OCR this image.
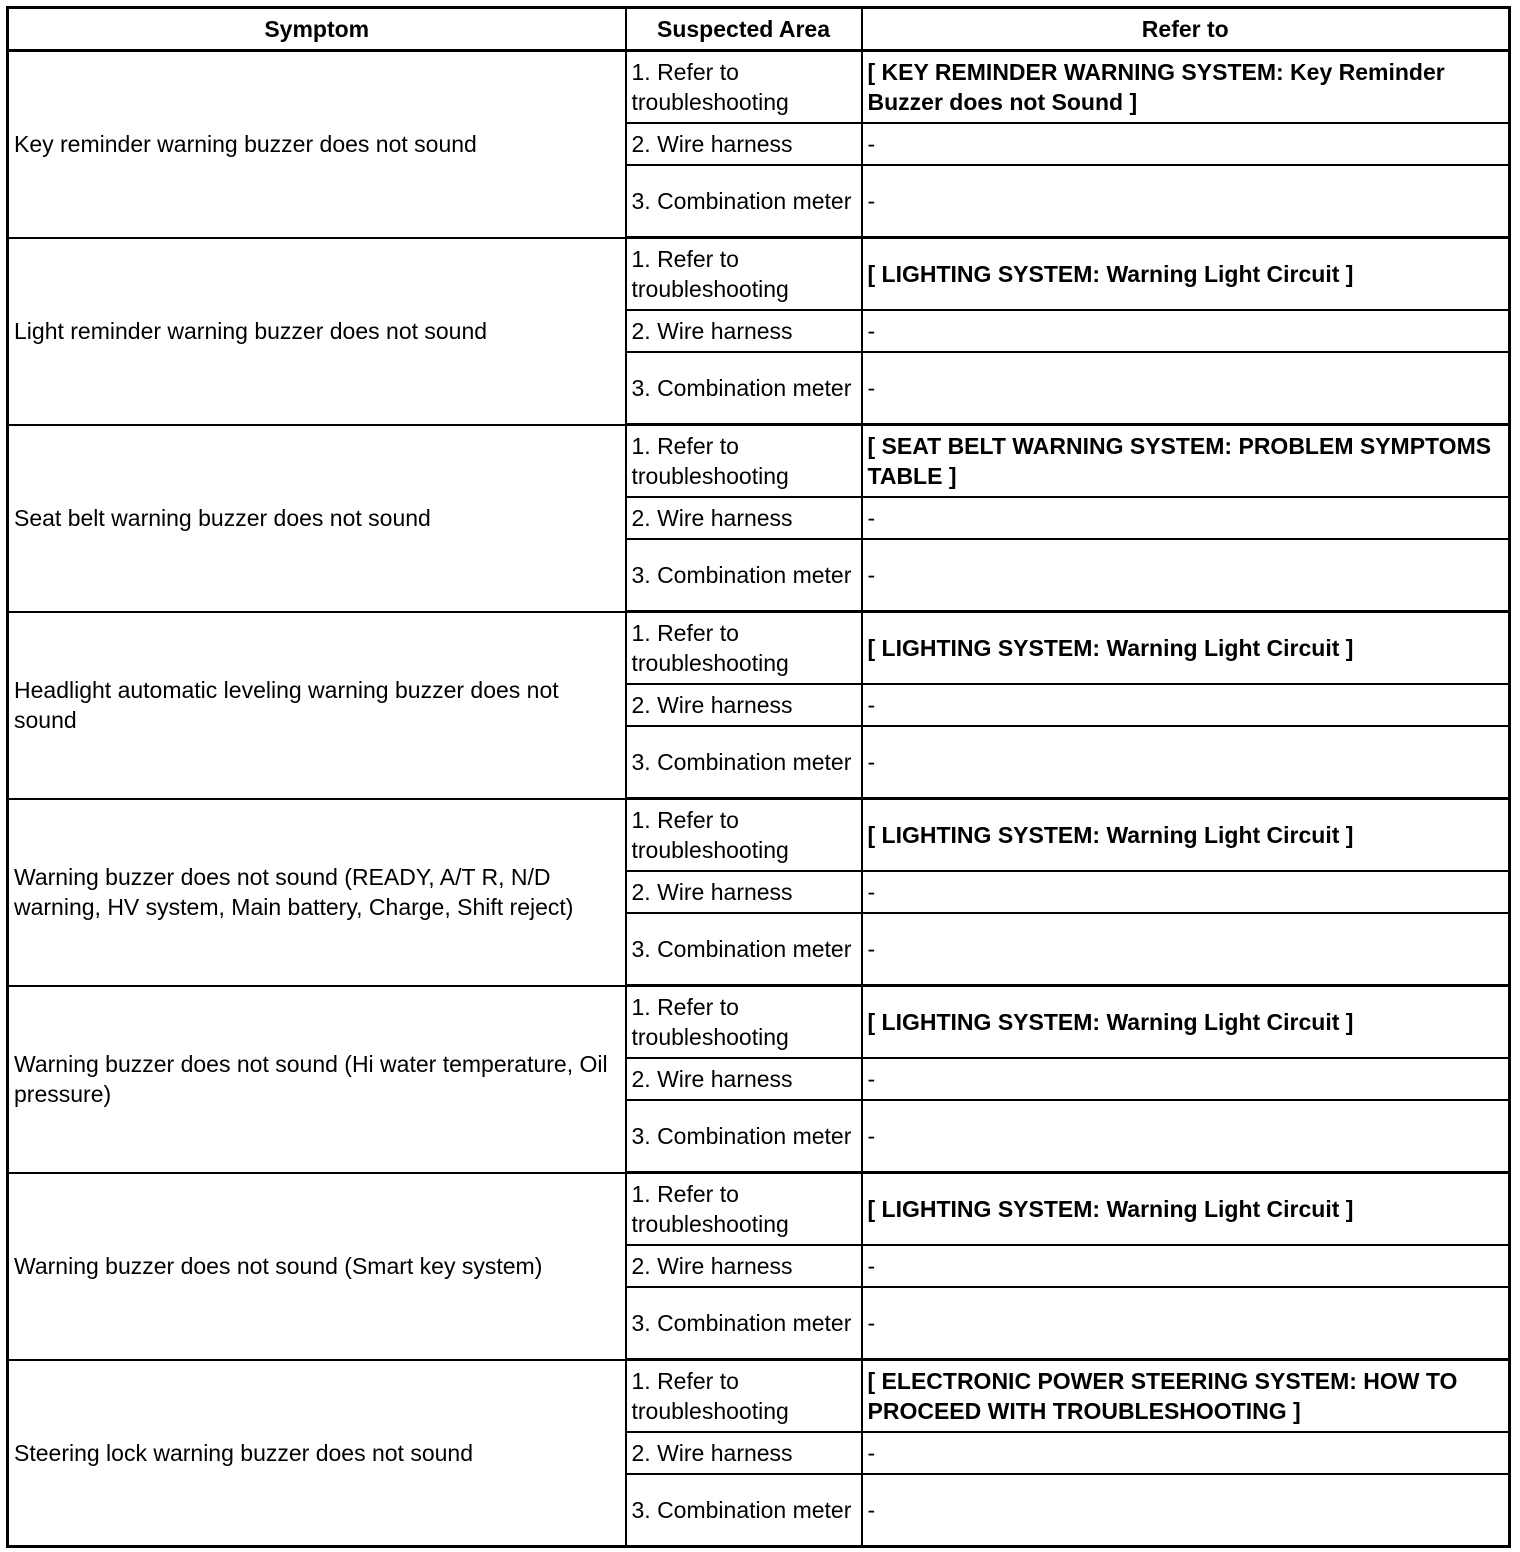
Symptom	Suspected Area	Refer to
Key reminder warning buzzer does not sound	1. Refer to troubleshooting	[ KEY REMINDER WARNING SYSTEM: Key Reminder Buzzer does not Sound ]
	2. Wire harness	-
	3. Combination meter	-
Light reminder warning buzzer does not sound	1. Refer to troubleshooting	[ LIGHTING SYSTEM: Warning Light Circuit ]
	2. Wire harness	-
	3. Combination meter	-
Seat belt warning buzzer does not sound	1. Refer to troubleshooting	[ SEAT BELT WARNING SYSTEM: PROBLEM SYMPTOMS TABLE ]
	2. Wire harness	-
	3. Combination meter	-
Headlight automatic leveling warning buzzer does not sound	1. Refer to troubleshooting	[ LIGHTING SYSTEM: Warning Light Circuit ]
	2. Wire harness	-
	3. Combination meter	-
Warning buzzer does not sound (READY, A/T R, N/D warning, HV system, Main battery, Charge, Shift reject)	1. Refer to troubleshooting	[ LIGHTING SYSTEM: Warning Light Circuit ]
	2. Wire harness	-
	3. Combination meter	-
Warning buzzer does not sound (Hi water temperature, Oil pressure)	1. Refer to troubleshooting	[ LIGHTING SYSTEM: Warning Light Circuit ]
	2. Wire harness	-
	3. Combination meter	-
Warning buzzer does not sound (Smart key system)	1. Refer to troubleshooting	[ LIGHTING SYSTEM: Warning Light Circuit ]
	2. Wire harness	-
	3. Combination meter	-
Steering lock warning buzzer does not sound	1. Refer to troubleshooting	[ ELECTRONIC POWER STEERING SYSTEM: HOW TO PROCEED WITH TROUBLESHOOTING ]
	2. Wire harness	-
	3. Combination meter	-
